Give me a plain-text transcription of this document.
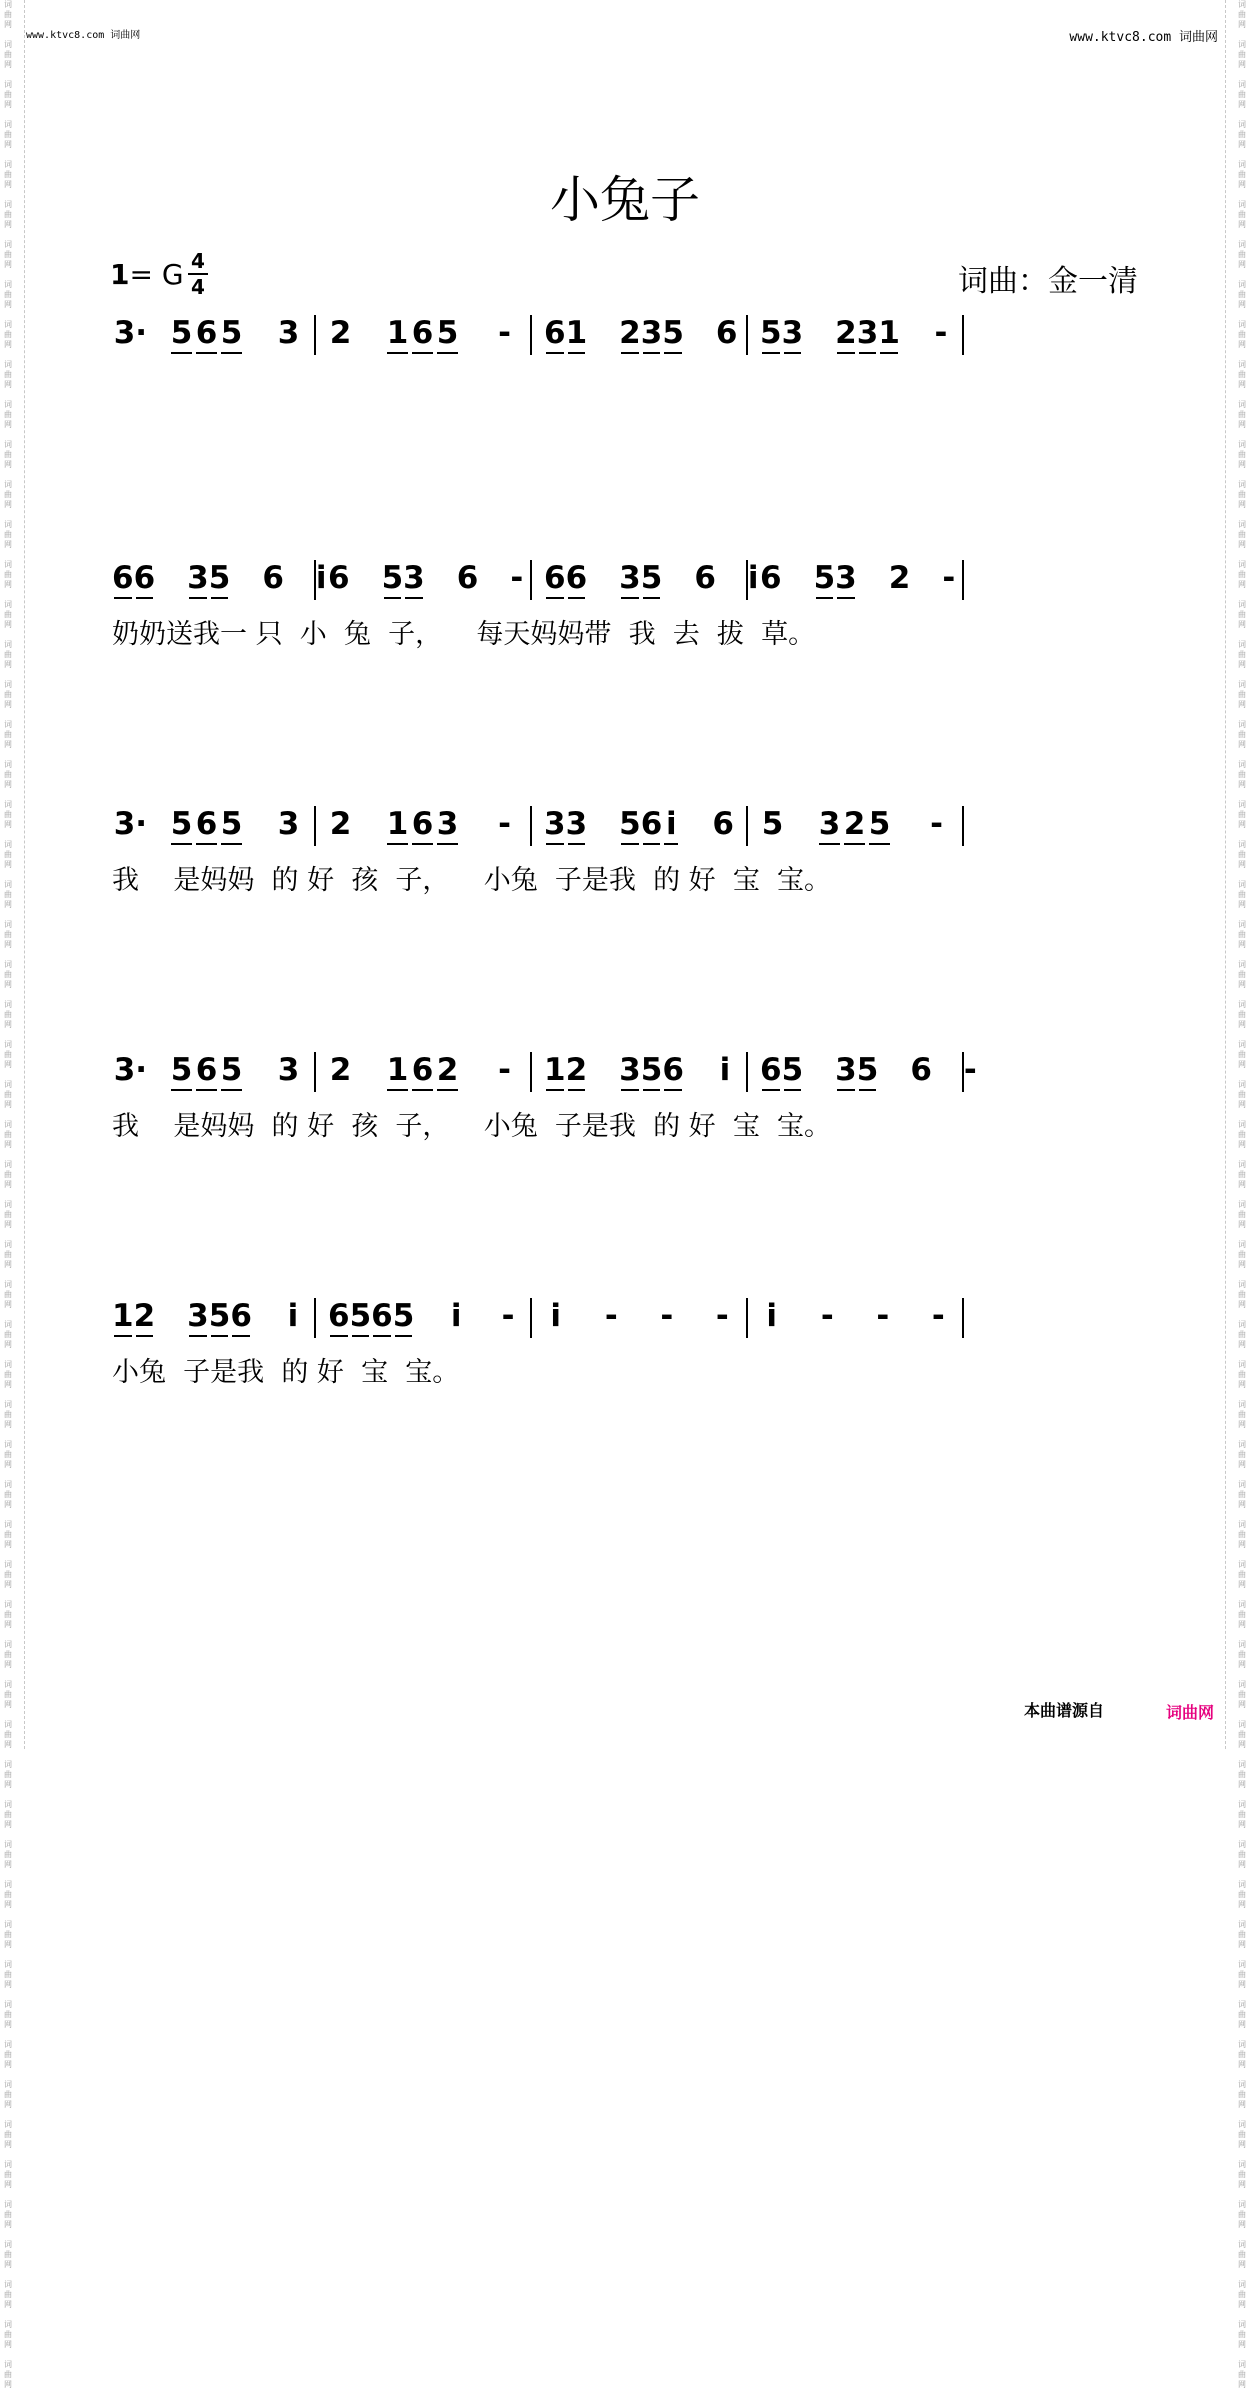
词
曲
网

词
曲
网

词
曲
网

词
曲
网

词
曲
网

词
曲
网

词
曲
网

词
曲
网

词
曲
网

词
曲
网

词
曲
网

词
曲
网

词
曲
网

词
曲
网

词
曲
网

词
曲
网

词
曲
网

词
曲
网

词
曲
网

词
曲
网

词
曲
网

词
曲
网

词
曲
网

词
曲
网

词
曲
网

词
曲
网

词
曲
网

词
曲
网

词
曲
网

词
曲
网

词
曲
网

词
曲
网

词
曲
网

词
曲
网

词
曲
网

词
曲
网

词
曲
网

词
曲
网

词
曲
网

词
曲
网

词
曲
网

词
曲
网

词
曲
网

词
曲
网

词
曲
网

词
曲
网

词
曲
网

词
曲
网

词
曲
网

词
曲
网

词
曲
网

词
曲
网

词
曲
网

词
曲
网

词
曲
网

词
曲
网

词
曲
网

词
曲
网

词
曲
网

词
曲
网

词
曲
网

词
曲
网

词
曲
网

词
曲
网

词
曲
网

词
曲
网

词
曲
网

词
曲
网

词
曲
网

词
曲
网

词
曲
网

词
曲
网

词
曲
网

词
曲
网

词
曲
网

词
曲
网

词
曲
网

词
曲
网

词
曲
网

词
曲
网

词
曲
网

词
曲
网

词
曲
网

词
曲
网

词
曲
网

词
曲
网

词
曲
网

词
曲
网

词
曲
网

词
曲
网

词
曲
网

词
曲
网

词
曲
网

词
曲
网

词
曲
网

词
曲
网

词
曲
网

词
曲
网

词
曲
网

词
曲
网

词
曲
网

词
曲
网

词
曲
网

词
曲
网

词
曲
网

词
曲
网

词
曲
网

词
曲
网

词
曲
网

词
曲
网

词
曲
网

词
曲
网

词
曲
网

词
曲
网

词
曲
网

词
曲
网

词
曲
网

词
曲
网

词
曲
网

词
曲
网

www.ktvc8.com 词曲网	www.ktvc8.com 词曲网
小兔子
1= G 4
4	词曲：金一清
3 · 5 6 5 3 2 1 6 5 - 6 1 2 3 5 6 5 3 2 3 1 -
6 6 3 5 6 i 6 5 3 6 - 6 6 3 5 6 i 6 5 3 2 -
奶奶送我一 只  小  兔  子，    每天妈妈带  我  去  拔  草。
3 · 5 6 5 3 2 1 6 3 - 3 3 5 6 i 6 5 3 2 5 -
我    是妈妈  的 好  孩  子，    小兔  子是我  的 好  宝  宝。
3 · 5 6 5 3 2 1 6 2 - 1 2 3 5 6 i 6 5 3 5 6 -
我    是妈妈  的 好  孩  子，    小兔  子是我  的 好  宝  宝。
1 2 3 5 6 i 6 5 6 5 i - i - - - i - - -
小兔  子是我  的 好  宝  宝。
本曲谱源自	词曲网
